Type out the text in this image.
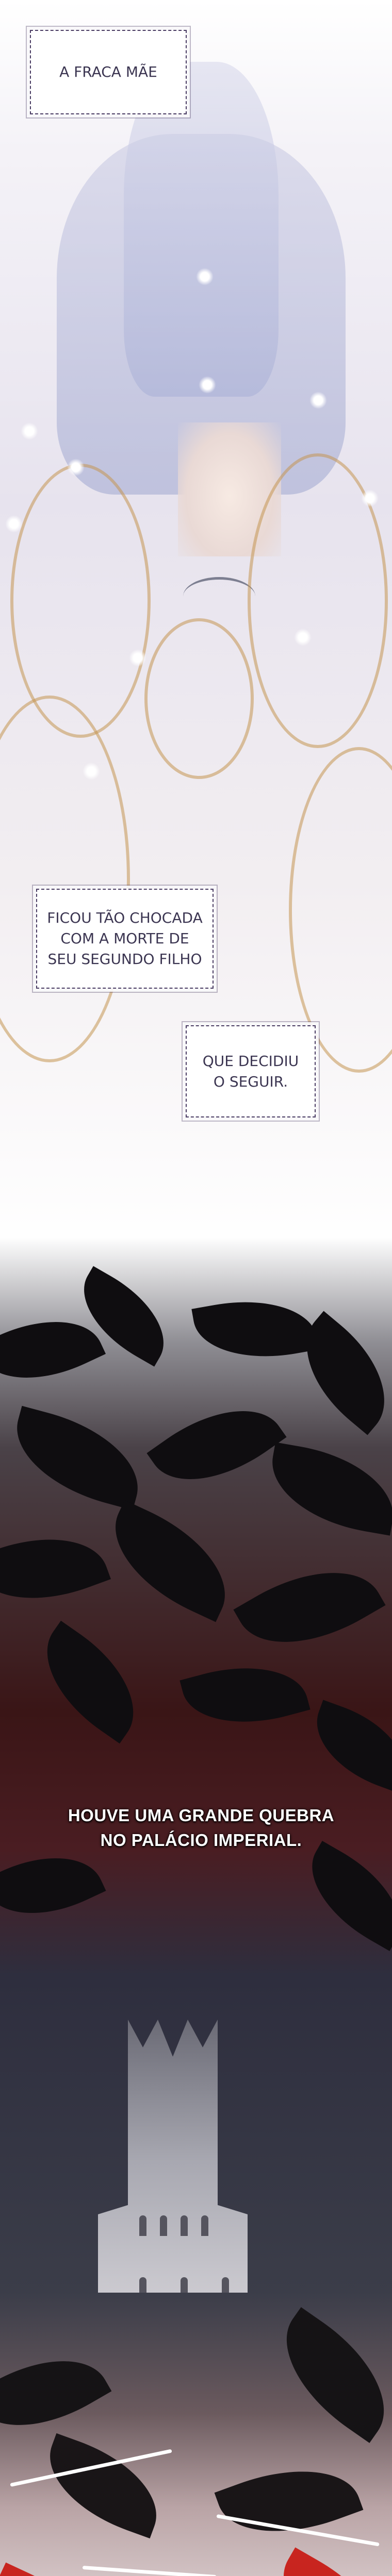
A FRACA MÃE
FICOU TÃO CHOCADA COM A MORTE DE SEU SEGUNDO FILHO
QUE DECIDIU O SEGUIR.
HOUVE UMA GRANDE QUEBRA NO PALÁCIO IMPERIAL.
